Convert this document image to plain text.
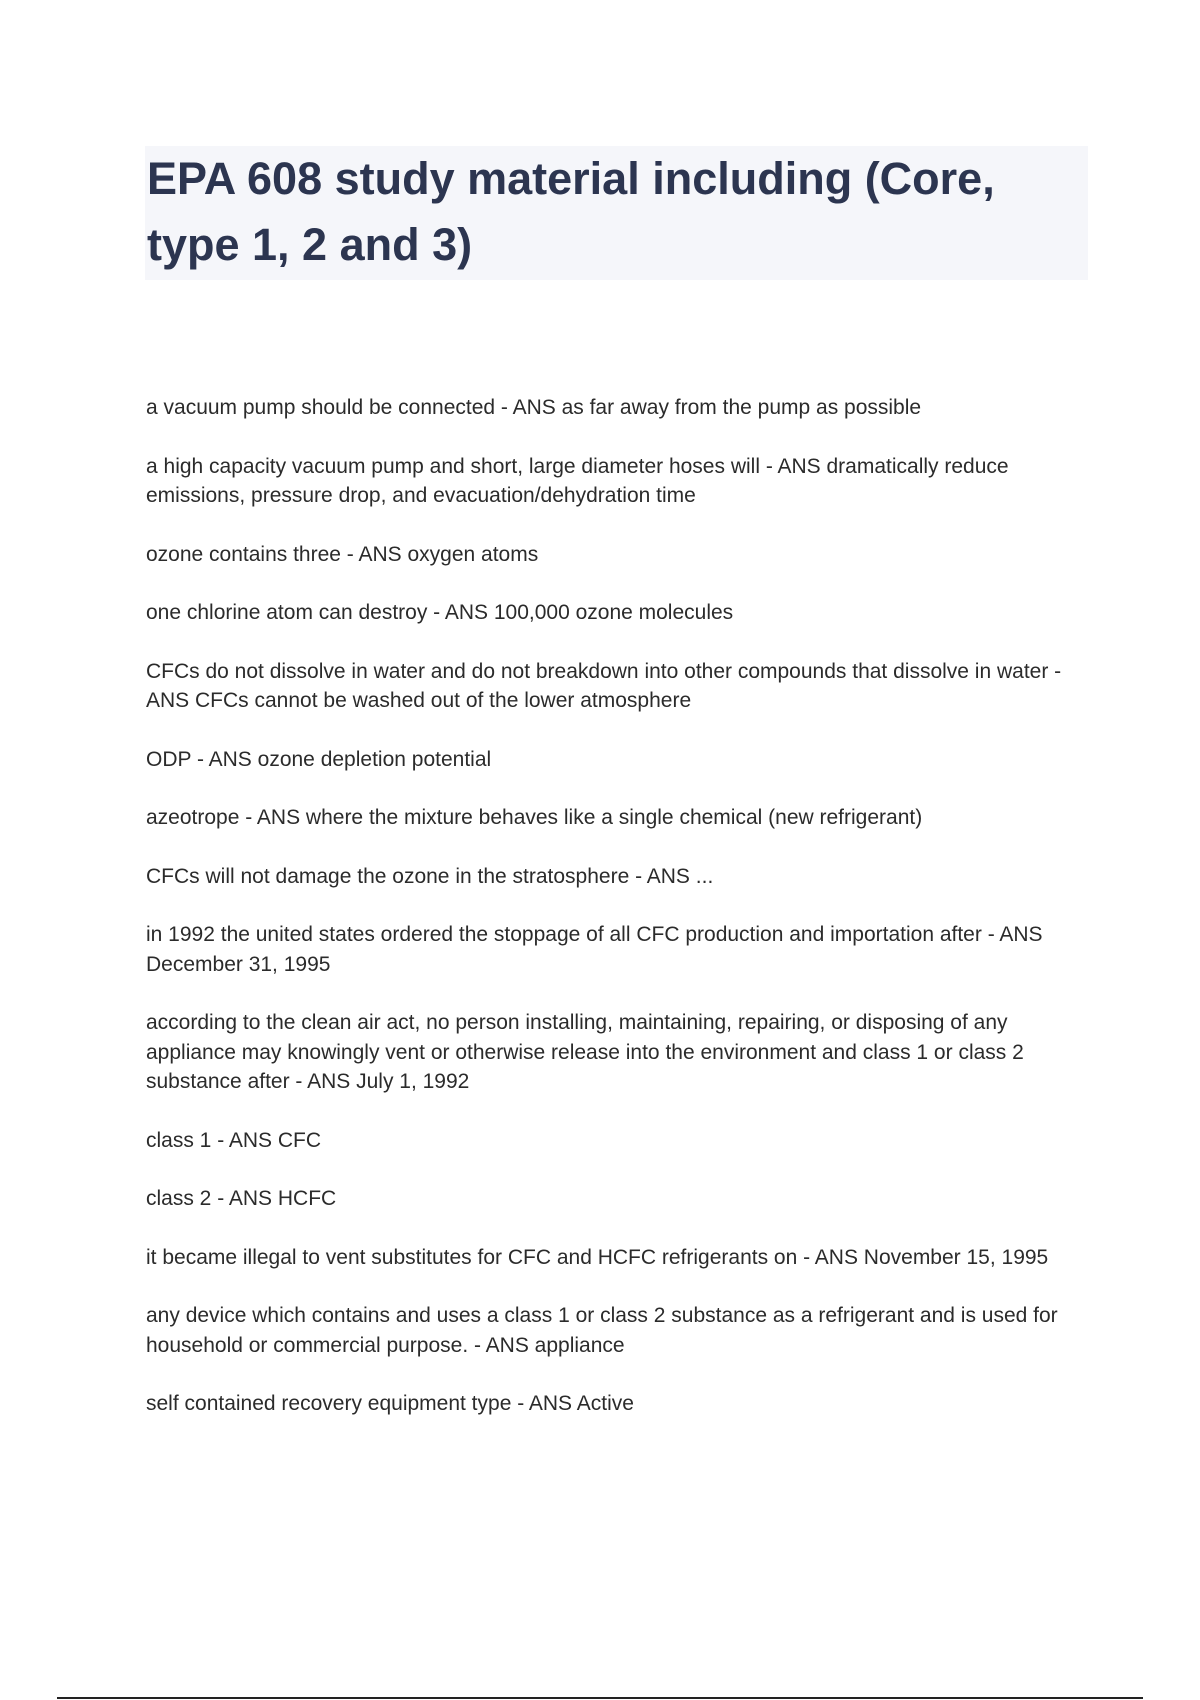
EPA 608 study material including (Core, type 1, 2 and 3)
a vacuum pump should be connected - ANS as far away from the pump as possible
a high capacity vacuum pump and short, large diameter hoses will - ANS dramatically reduce emissions, pressure drop, and evacuation/dehydration time
ozone contains three - ANS oxygen atoms
one chlorine atom can destroy - ANS 100,000 ozone molecules
CFCs do not dissolve in water and do not breakdown into other compounds that dissolve in water - ANS CFCs cannot be washed out of the lower atmosphere
ODP - ANS ozone depletion potential
azeotrope - ANS where the mixture behaves like a single chemical (new refrigerant)
CFCs will not damage the ozone in the stratosphere - ANS ...
in 1992 the united states ordered the stoppage of all CFC production and importation after - ANS December 31, 1995
according to the clean air act, no person installing, maintaining, repairing, or disposing of any appliance may knowingly vent or otherwise release into the environment and class 1 or class 2 substance after - ANS July 1, 1992
class 1 - ANS CFC
class 2 - ANS HCFC
it became illegal to vent substitutes for CFC and HCFC refrigerants on - ANS November 15, 1995
any device which contains and uses a class 1 or class 2 substance as a refrigerant and is used for household or commercial purpose. - ANS appliance
self contained recovery equipment type - ANS Active
